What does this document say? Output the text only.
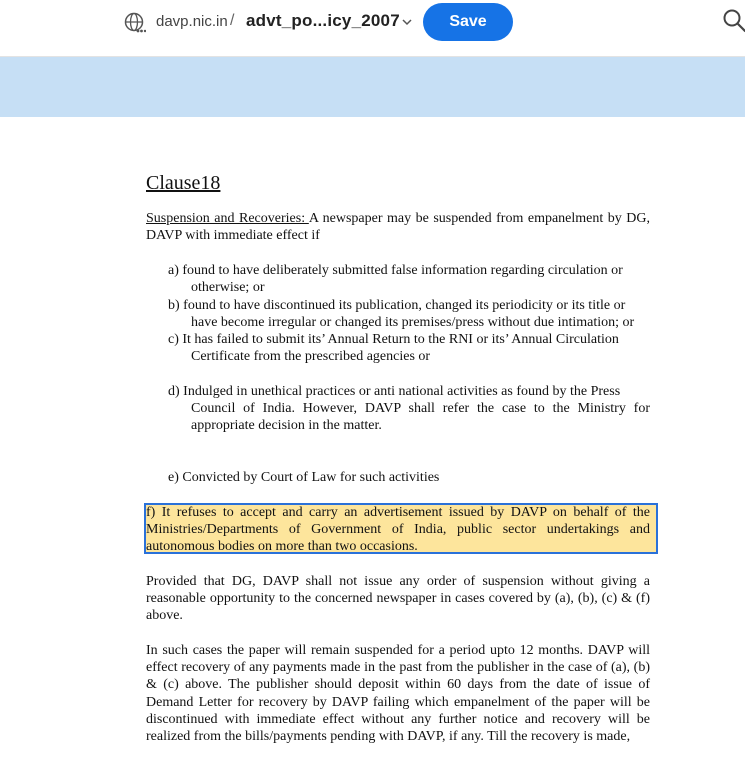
davp.nic.in / advt_po...icy_2007	Save
Clause18

Suspension and Recoveries: A newspaper may be suspended from empanelment by DG, DAVP with immediate effect if

a) found to have deliberately submitted false information regarding circulation or
otherwise; or

b) found to have discontinued its publication, changed its periodicity or its title or
have become irregular or changed its premises/press without due intimation; or

c) It has failed to submit its’ Annual Return to the RNI or its’ Annual Circulation
Certificate from the prescribed agencies or

d) Indulged in unethical practices or anti national activities as found by the Press
Council of India. However, DAVP shall refer the case to the Ministry for appropriate decision in the matter.

e) Convicted by Court of Law for such activities

f) It refuses to accept and carry an advertisement issued by DAVP on behalf of the Ministries/Departments of Government of India, public sector undertakings and autonomous bodies on more than two occasions.

Provided that DG, DAVP shall not issue any order of suspension without giving a reasonable opportunity to the concerned newspaper in cases covered by (a), (b), (c) & (f) above.

In such cases the paper will remain suspended for a period upto 12 months. DAVP will effect recovery of any payments made in the past from the publisher in the case of (a), (b) & (c) above. The publisher should deposit within 60 days from the date of issue of Demand Letter for recovery by DAVP failing which empanelment of the paper will be discontinued with immediate effect without any further notice and recovery will be realized from the bills/payments pending with DAVP, if any. Till the recovery is made,
